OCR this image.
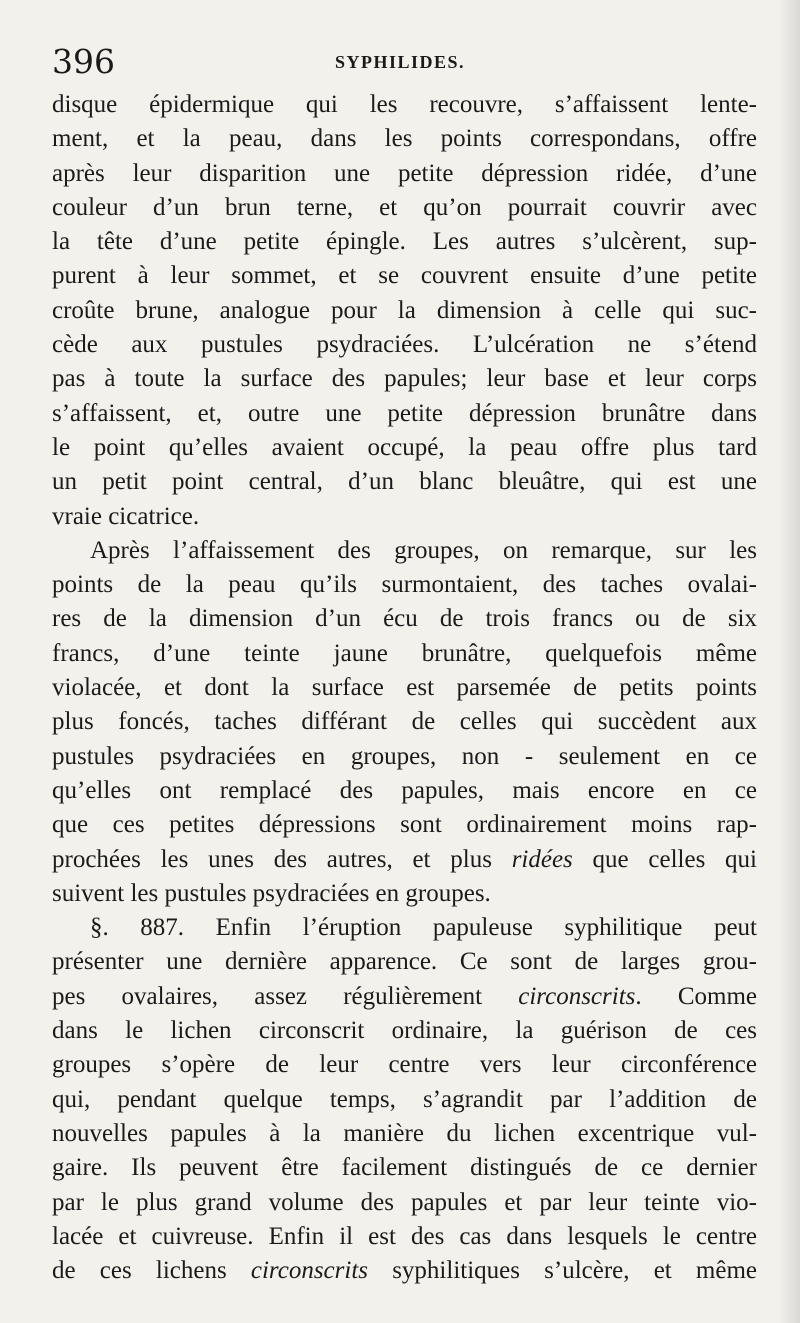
396	SYPHILIDES.
disque épidermique qui les recouvre, s’affaissent lente-
ment, et la peau, dans les points correspondans, offre
après leur disparition une petite dépression ridée, d’une
couleur d’un brun terne, et qu’on pourrait couvrir avec
la tête d’une petite épingle. Les autres s’ulcèrent, sup-
purent à leur sommet, et se couvrent ensuite d’une petite
croûte brune, analogue pour la dimension à celle qui suc-
cède aux pustules psydraciées. L’ulcération ne s’étend
pas à toute la surface des papules; leur base et leur corps
s’affaissent, et, outre une petite dépression brunâtre dans
le point qu’elles avaient occupé, la peau offre plus tard
un petit point central, d’un blanc bleuâtre, qui est une
vraie cicatrice.
Après l’affaissement des groupes, on remarque, sur les
points de la peau qu’ils surmontaient, des taches ovalai-
res de la dimension d’un écu de trois francs ou de six
francs, d’une teinte jaune brunâtre, quelquefois même
violacée, et dont la surface est parsemée de petits points
plus foncés, taches différant de celles qui succèdent aux
pustules psydraciées en groupes, non - seulement en ce
qu’elles ont remplacé des papules, mais encore en ce
que ces petites dépressions sont ordinairement moins rap-
prochées les unes des autres, et plus ridées que celles qui
suivent les pustules psydraciées en groupes.
§. 887. Enfin l’éruption papuleuse syphilitique peut
présenter une dernière apparence. Ce sont de larges grou-
pes ovalaires, assez régulièrement circonscrits. Comme
dans le lichen circonscrit ordinaire, la guérison de ces
groupes s’opère de leur centre vers leur circonférence
qui, pendant quelque temps, s’agrandit par l’addition de
nouvelles papules à la manière du lichen excentrique vul-
gaire. Ils peuvent être facilement distingués de ce dernier
par le plus grand volume des papules et par leur teinte vio-
lacée et cuivreuse. Enfin il est des cas dans lesquels le centre
de ces lichens circonscrits syphilitiques s’ulcère, et même
